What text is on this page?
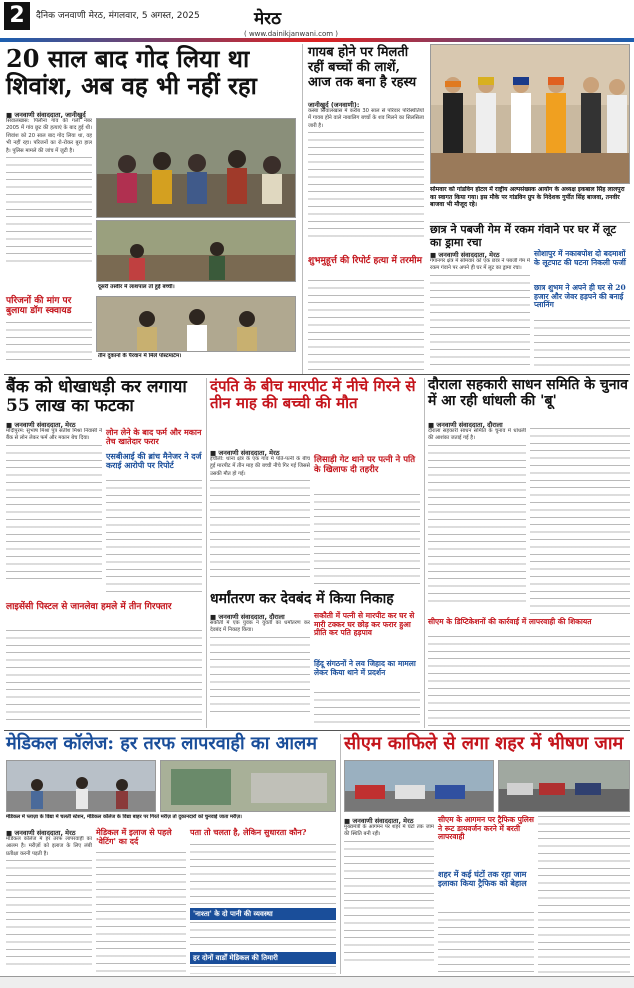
2	दैनिक जनवाणी मेरठ, मंगलवार, 5 अगस्त, 2025	मेरठ
( www.dainikjanwani.com )
20 साल बाद गोद लिया था शिवांश, अब वह भी नहीं रहा
■ जनवाणी संवाददाता, जानीखुर्द
सिवालखास: पिलौना गांव की गली नंबर 2005 में गांव छूट की हत्याएं के बाद हुई थी। शिवांश को 20 साल बाद गोद लिया था, वह भी नहीं रहा। परिजनों का रो-रोकर बुरा हाल है। पुलिस मामले की जांच में जुटी है।
दूसरी तस्वीर में लाशपाल तो हुई बच्ची।
परिजनों की मांग पर बुलाया डॉग स्क्वायड
तीन दुकानों के पैरवान में मिले पोस्टमार्टम।
गायब होने पर मिलती रहीं बच्चों की लाशें, आज तक बना है रहस्य
जानीखुर्द (जनवाणी):
कस्बा सिवालखास में करीब 30 साल से परिवार परिस्थितियों में गायब होने वाले नाबालिग बच्चों के शव मिलने का सिलसिला जारी है।
शुभमुहूर्त्त की रिपोर्ट हत्या में तरमीम
सोमवार को गांडविन होटल में राष्ट्रीय अल्पसंख्यक आयोग के अध्यक्ष इकबाल सिंह लालपुरा का स्वागत किया गया। इस मौके पर गांडविन ग्रुप के निदेशक गुर्पीत सिंह बाजवा, तनवीर बाजवा भी मौजूद रहे।
छात्र ने पबजी गेम में रकम गंवाने पर घर में लूट का ड्रामा रचा
■ जनवाणी संवाददाता, मेरठ
गंगानगर क्षेत्र में सोमवार को एक छात्र ने पबजी गेम में रकम गंवाने पर अपने ही घर में लूट का ड्रामा रचा।
सोशापुर में नकाबपोश दो बदमाशों के लूटपाट की घटना निकली फर्जी
छात्र शुभम ने अपने ही घर से 20 हजार और जेवर हड़पने की बनाई प्लानिंग
बैंक को धोखाधड़ी कर लगाया 55 लाख का फटका
■ जनवाणी संवाददाता, मेरठ
मोदीपुरम: सुभाष मिश्रा पुत्र सतीश मिश्रा निवासी ने बैंक से लोन लेकर फर्म और मकान बेच दिया।
लोन लेने के बाद फर्म और मकान तेच खातेदार फरार
एसबीआई की ब्रांच मैनेजर ने दर्ज कराई आरोपी पर रिपोर्ट
लाइसेंसी पिस्टल से जानलेवा हमले में तीन गिरफ्तार
दंपति के बीच मारपीट में नीचे गिरने से तीन माह की बच्ची की मौत
■ जनवाणी संवाददाता, मेरठ
इंचौली: थाना क्षेत्र के एक गांव में पति-पत्नी के बीच हुई मारपीट में तीन माह की बच्ची नीचे गिर गई जिससे उसकी मौत हो गई।
लिसाड़ी गेट थाने पर पत्नी ने पति के खिलाफ दी तहरीर
धर्मांतरण कर देवबंद में किया निकाह
■ जनवाणी संवाददाता, दौराला
सकौती में एक युवक ने युवती का धर्मांतरण कर देवबंद में निकाह किया।
सकौती में पत्नी से मारपीट कर घर से मारी टक्कर घर छोड़ कर फरार हुआ प्रीति कर पति हड़पाव
हिंदू संगठनों ने लव जिहाद का मामला लेकर किया थाने में प्रदर्शन
दौराला सहकारी साधन समिति के चुनाव में आ रही धांधली की 'बू'
■ जनवाणी संवाददाता, दौराला
दौराला सहकारी साधन समिति के चुनाव में धांधली की आशंका जताई गई है।
सीएम के डिप्टिकेशनों की कार्रवाई में लापरवाही की शिकायत
मेडिकल कॉलेज: हर तरफ लापरवाही का आलम
मेडिकल में प्लाज़ा के विद्या में चलती स्टेशन, मेडिकल कॉलेज के विद्या बाहर पर गिरते मरीज़ तो दुकानदारों को चुनवाई जाता मरीज़।
■ जनवाणी संवाददाता, मेरठ
मेडिकल कॉलेज में हर तरफ लापरवाही का आलम है। मरीज़ों को इलाज के लिए लंबी प्रतीक्षा करनी पड़ती है।
मेडिकल में इलाज से पहले 'वेटिंग' का दर्द
पता तो चलता है, लेकिन सुधारता कौन?
'नाश्ता' के दो पानी की व्यवस्था
हर दोनों वार्डों मेडिकल की तिमारी
सीएम काफिले से लगा शहर में भीषण जाम
■ जनवाणी संवाददाता, मेरठ
मुख्यमंत्री के आगमन पर शहर में घंटों तक जाम की स्थिति बनी रही।
सीएम के आगमन पर ट्रैफिक पुलिस ने रूट डायवर्जन करने में बरती लापरवाही
शहर में कई घंटों तक रहा जाम इलाका किया ट्रैफिक को बेहाल
